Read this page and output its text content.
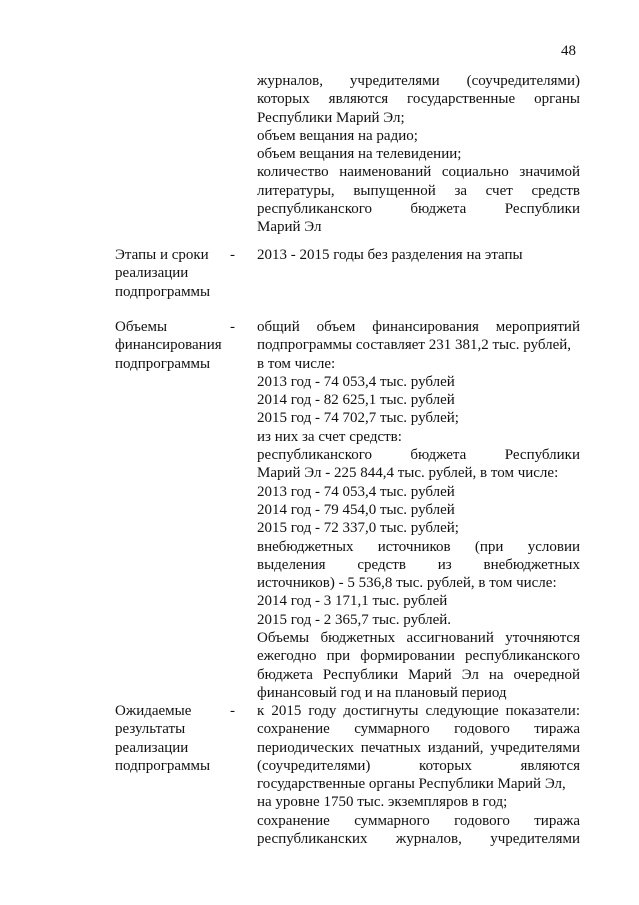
48
журналов, учредителями (соучредителями)
которых являются государственные органы
Республики Марий Эл;
объем вещания на радио;
объем вещания на телевидении;
количество наименований социально значимой
литературы, выпущенной за счет средств
республиканского бюджета Республики
Марий Эл
Этапы и сроки
реализации
подпрограммы
- 2013 - 2015 годы без разделения на этапы
Объемы
финансирования
подпрограммы
- общий объем финансирования мероприятий
подпрограммы составляет 231 381,2 тыс. рублей,
в том числе:
2013 год - 74 053,4 тыс. рублей
2014 год - 82 625,1 тыс. рублей
2015 год - 74 702,7 тыс. рублей;
из них за счет средств:
республиканского бюджета Республики
Марий Эл - 225 844,4 тыс. рублей, в том числе:
2013 год - 74 053,4 тыс. рублей
2014 год - 79 454,0 тыс. рублей
2015 год - 72 337,0 тыс. рублей;
внебюджетных источников (при условии
выделения средств из внебюджетных
источников) - 5 536,8 тыс. рублей, в том числе:
2014 год - 3 171,1 тыс. рублей
2015 год - 2 365,7 тыс. рублей.
Объемы бюджетных ассигнований уточняются
ежегодно при формировании республиканского
бюджета Республики Марий Эл на очередной
финансовый год и на плановый период
Ожидаемые
результаты
реализации
подпрограммы
- к 2015 году достигнуты следующие показатели:
сохранение суммарного годового тиража
периодических печатных изданий, учредителями
(соучредителями) которых являются
государственные органы Республики Марий Эл,
на уровне 1750 тыс. экземпляров в год;
сохранение суммарного годового тиража
республиканских журналов, учредителями
